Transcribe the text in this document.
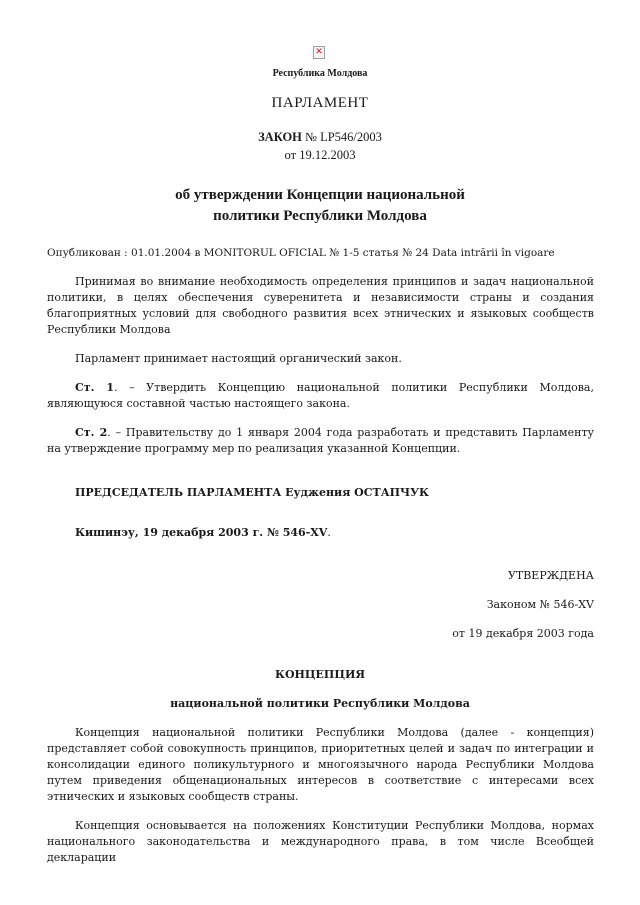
✕
Республика Молдова
ПАРЛАМЕНТ
ЗАКОН № LP546/2003
от 19.12.2003
об утверждении Концепции национальной
политики Республики Молдова
Опубликован : 01.01.2004 в MONITORUL OFICIAL № 1-5 статья № 24 Data intrării în vigoare
Принимая во внимание необходимость определения принципов и задач национальной политики, в целях обеспечения суверенитета и независимости страны и создания благоприятных условий для свободного развития всех этнических и языковых сообществ Республики Молдова
Парламент принимает настоящий органический закон.
Ст. 1. – Утвердить Концепцию национальной политики Республики Молдова, являющуюся составной частью настоящего закона.
Ст. 2. – Правительству до 1 января 2004 года разработать и представить Парламенту на утверждение программу мер по реализация указанной Концепции.
ПРЕДСЕДАТЕЛЬ ПАРЛАМЕНТА Еуджения ОСТАПЧУК
Кишинэу, 19 декабря 2003 г. № 546-XV.
УТВЕРЖДЕНА
Законом № 546-XV
от 19 декабря 2003 года
КОНЦЕПЦИЯ
национальной политики Республики Молдова
Концепция национальной политики Республики Молдова (далее - концепция) представляет собой совокупность принципов, приоритетных целей и задач по интеграции и консолидации единого поликультурного и многоязычного народа Республики Молдова путем приведения общенациональных интересов в соответствие с интересами всех этнических и языковых сообществ страны.
Концепция основывается на положениях Конституции Республики Молдова, нормах национального законодательства и международного права, в том числе Всеобщей декларации
